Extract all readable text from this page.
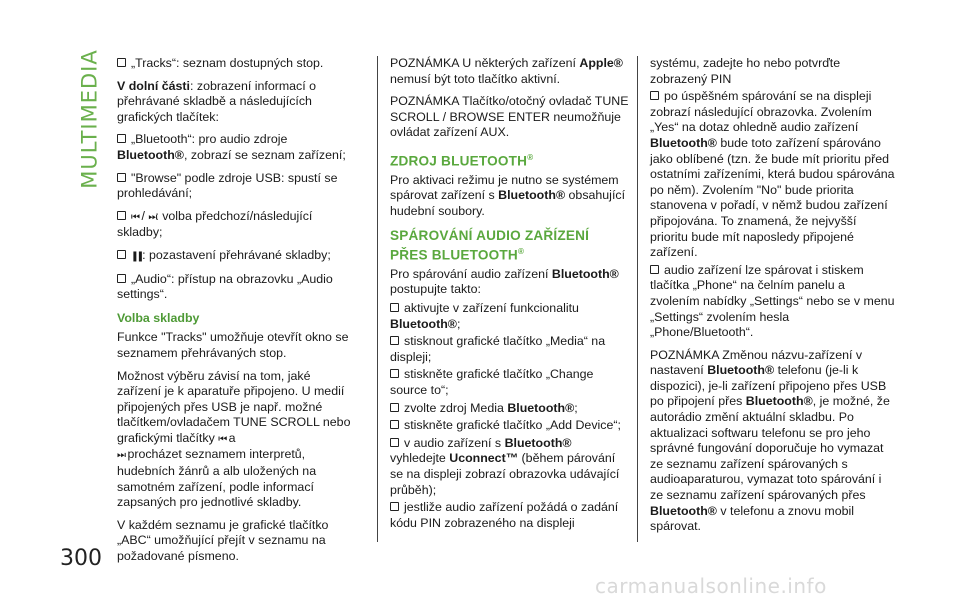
MULTIMEDIA	„Tracks“: seznam dostupných stop.

V dolní části: zobrazení informací o přehrávané skladbě a následujících grafických tlačítek:

„Bluetooth“: pro audio zdroje Bluetooth®, zobrazí se seznam zařízení;

"Browse" podle zdroje USB: spustí se prohledávání;

⏮ / ⏭: volba předchozí/následující skladby;

❚❚: pozastavení přehrávané skladby;

„Audio“: přístup na obrazovku „Audio settings“.

Volba skladby

Funkce "Tracks" umožňuje otevřít okno se seznamem přehrávaných stop.

Možnost výběru závisí na tom, jaké zařízení je k aparatuře připojeno. U medií připojených přes USB je např. možné tlačítkem/ovladačem TUNE SCROLL nebo grafickými tlačítky ⏮ a
⏭ procházet seznamem interpretů, hudebních žánrů a alb uložených na samotném zařízení, podle informací zapsaných pro jednotlivé skladby.

V každém seznamu je grafické tlačítko „ABC“ umožňující přejít v seznamu na požadované písmeno.

POZNÁMKA U některých zařízení Apple® nemusí být toto tlačítko aktivní.

POZNÁMKA Tlačítko/otočný ovladač TUNE SCROLL / BROWSE ENTER neumožňuje ovládat zařízení AUX.

ZDROJ BLUETOOTH®

Pro aktivaci režimu je nutno se systémem spárovat zařízení s Bluetooth® obsahující hudební soubory.

SPÁROVÁNÍ AUDIO ZAŘÍZENÍ PŘES BLUETOOTH®

Pro spárování audio zařízení Bluetooth® postupujte takto:

aktivujte v zařízení funkcionalitu Bluetooth®;

stisknout grafické tlačítko „Media“ na displeji;

stiskněte grafické tlačítko „Change source to“;

zvolte zdroj Media Bluetooth®;

stiskněte grafické tlačítko „Add Device“;

v audio zařízení s Bluetooth® vyhledejte Uconnect™ (během párování se na displeji zobrazí obrazovka udávající průběh);

jestliže audio zařízení požádá o zadání kódu PIN zobrazeného na displeji

systému, zadejte ho nebo potvrďte zobrazený PIN

po úspěšném spárování se na displeji zobrazí následující obrazovka. Zvolením „Yes“ na dotaz ohledně audio zařízení Bluetooth® bude toto zařízení spárováno jako oblíbené (tzn. že bude mít prioritu před ostatními zařízeními, která budou spárována po něm). Zvolením "No" bude priorita stanovena v pořadí, v němž budou zařízení připojována. To znamená, že nejvyšší prioritu bude mít naposledy připojené zařízení.

audio zařízení lze spárovat i stiskem tlačítka „Phone“ na čelním panelu a zvolením nabídky „Settings“ nebo se v menu „Settings“ zvolením hesla „Phone/Bluetooth“.

POZNÁMKA Změnou názvu-zařízení v nastavení Bluetooth® telefonu (je-li k dispozici), je-li zařízení připojeno přes USB po připojení přes Bluetooth®, je možné, že autorádio změní aktuální skladbu. Po aktualizaci softwaru telefonu se pro jeho správné fungování doporučuje ho vymazat ze seznamu zařízení spárovaných s audioaparaturou, vymazat toto spárování i ze seznamu zařízení spárovaných přes Bluetooth® v telefonu a znovu mobil spárovat.

300
carmanualsonline.info
